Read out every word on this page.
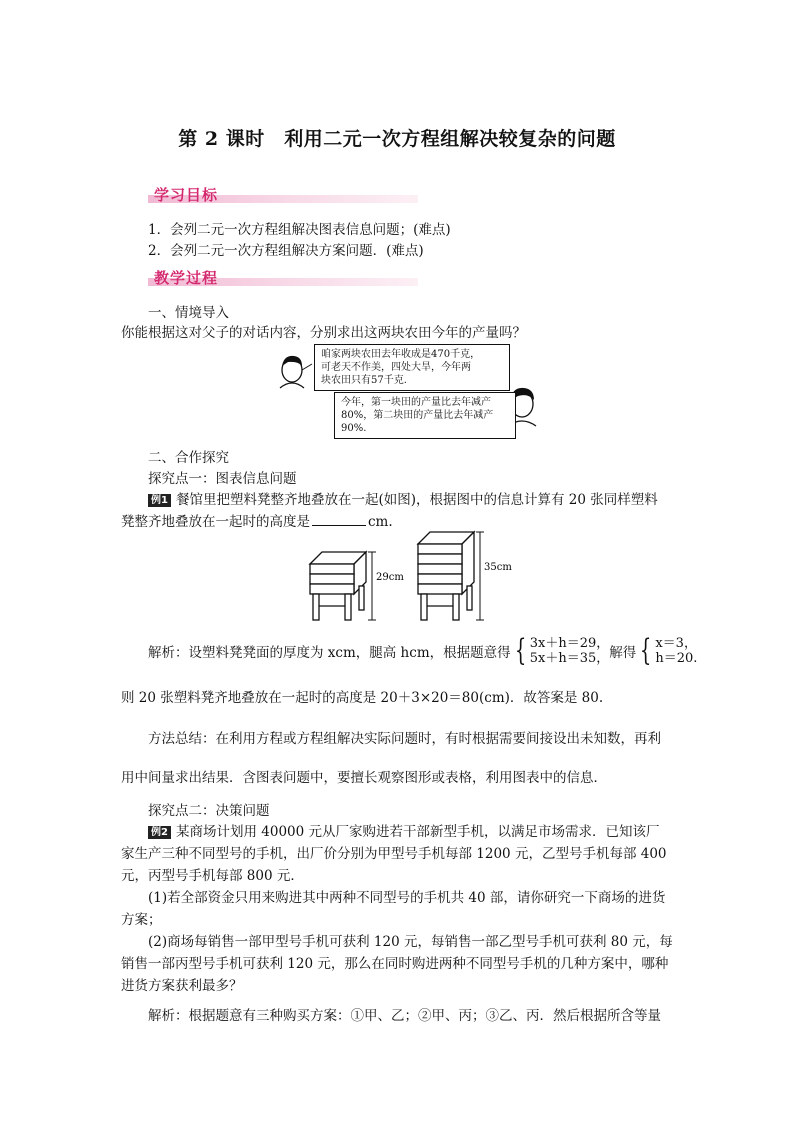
第 2 课时　利用二元一次方程组解决较复杂的问题
学习目标
1．会列二元一次方程组解决图表信息问题；(难点)
2．会列二元一次方程组解决方案问题．(难点)
教学过程
一、情境导入
你能根据这对父子的对话内容，分别求出这两块农田今年的产量吗？
咱家两块农田去年收成是470千克，
可老天不作美，四处大旱，今年两
块农田只有57千克.
今年，第一块田的产量比去年减产
80%，第二块田的产量比去年减产
90%.
二、合作探究
探究点一：图表信息问题
例1 餐馆里把塑料凳整齐地叠放在一起(如图)，根据图中的信息计算有 20 张同样塑料
凳整齐地叠放在一起时的高度是	cm.
29cm
35cm
解析：设塑料凳凳面的厚度为 xcm，腿高 hcm，根据题意得 { 3x＋h＝29，
5x＋h＝35，解得 { x＝3，
h＝20.
则 20 张塑料凳齐地叠放在一起时的高度是 20＋3×20＝80(cm)．故答案是 80.
方法总结：在利用方程或方程组解决实际问题时，有时根据需要间接设出未知数，再利
用中间量求出结果．含图表问题中，要擅长观察图形或表格，利用图表中的信息．
探究点二：决策问题
例2 某商场计划用 40000 元从厂家购进若干部新型手机，以满足市场需求．已知该厂
家生产三种不同型号的手机，出厂价分别为甲型号手机每部 1200 元，乙型号手机每部 400
元，丙型号手机每部 800 元．
(1)若全部资金只用来购进其中两种不同型号的手机共 40 部，请你研究一下商场的进货
方案；
(2)商场每销售一部甲型号手机可获利 120 元，每销售一部乙型号手机可获利 80 元，每
销售一部丙型号手机可获利 120 元，那么在同时购进两种不同型号手机的几种方案中，哪种
进货方案获利最多？
解析：根据题意有三种购买方案：①甲、乙；②甲、丙；③乙、丙．然后根据所含等量
